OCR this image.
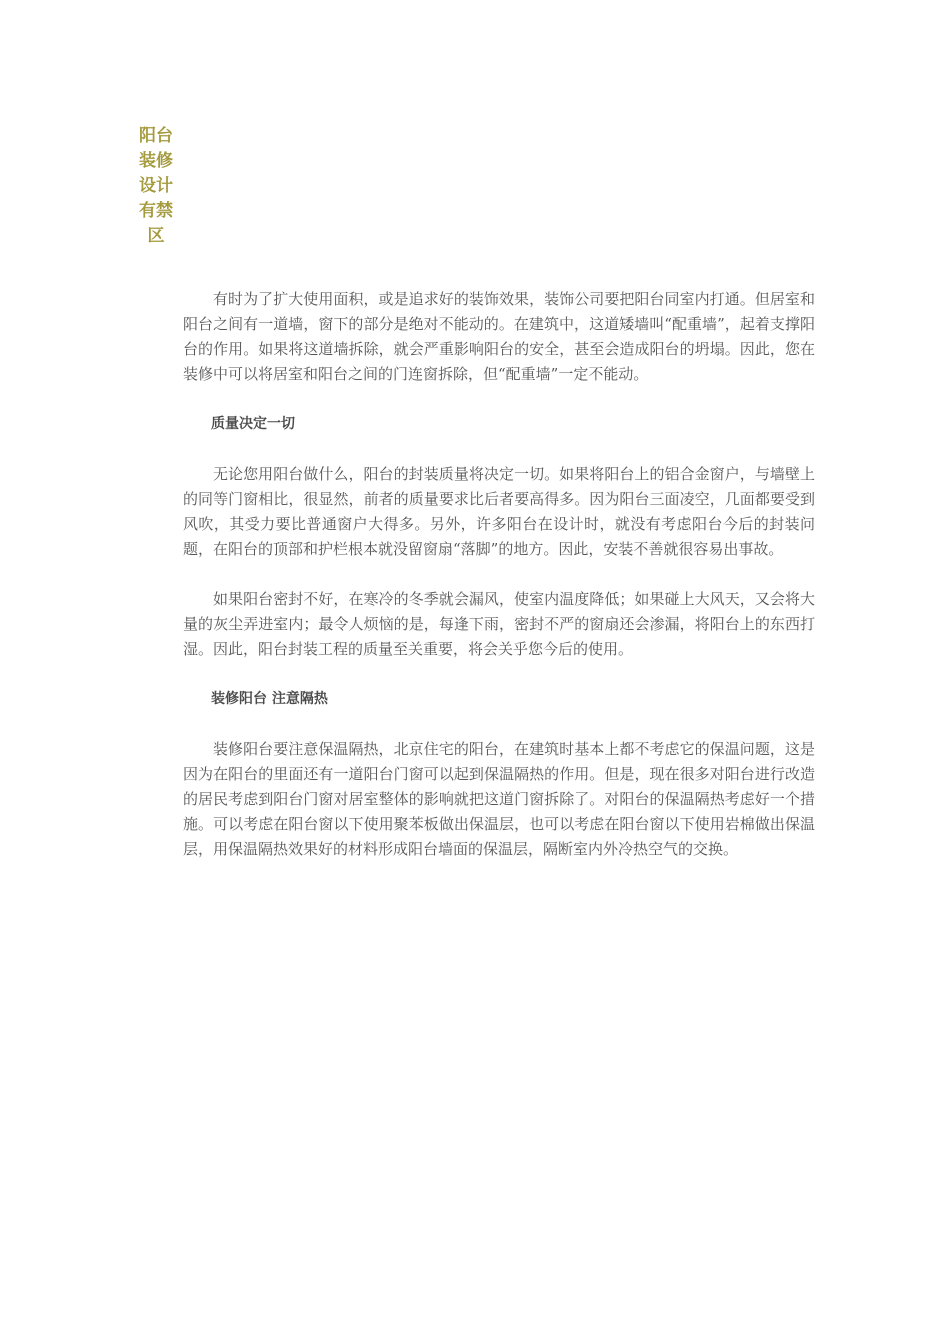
阳台
装修
设计
有禁
区

有时为了扩大使用面积，或是追求好的装饰效果，装饰公司要把阳台同室内打通。但居室和阳台之间有一道墙，窗下的部分是绝对不能动的。在建筑中，这道矮墙叫“配重墙”，起着支撑阳台的作用。如果将这道墙拆除，就会严重影响阳台的安全，甚至会造成阳台的坍塌。因此，您在装修中可以将居室和阳台之间的门连窗拆除，但“配重墙”一定不能动。

质量决定一切

无论您用阳台做什么，阳台的封装质量将决定一切。如果将阳台上的铝合金窗户，与墙壁上的同等门窗相比，很显然，前者的质量要求比后者要高得多。因为阳台三面凌空，几面都要受到风吹，其受力要比普通窗户大得多。另外，许多阳台在设计时，就没有考虑阳台今后的封装问题，在阳台的顶部和护栏根本就没留窗扇“落脚”的地方。因此，安装不善就很容易出事故。

如果阳台密封不好，在寒冷的冬季就会漏风，使室内温度降低；如果碰上大风天，又会将大量的灰尘弄进室内；最令人烦恼的是，每逢下雨，密封不严的窗扇还会渗漏，将阳台上的东西打湿。因此，阳台封装工程的质量至关重要，将会关乎您今后的使用。

装修阳台 注意隔热

装修阳台要注意保温隔热，北京住宅的阳台，在建筑时基本上都不考虑它的保温问题，这是因为在阳台的里面还有一道阳台门窗可以起到保温隔热的作用。但是，现在很多对阳台进行改造的居民考虑到阳台门窗对居室整体的影响就把这道门窗拆除了。对阳台的保温隔热考虑好一个措施。可以考虑在阳台窗以下使用聚苯板做出保温层，也可以考虑在阳台窗以下使用岩棉做出保温层，用保温隔热效果好的材料形成阳台墙面的保温层，隔断室内外冷热空气的交换。
